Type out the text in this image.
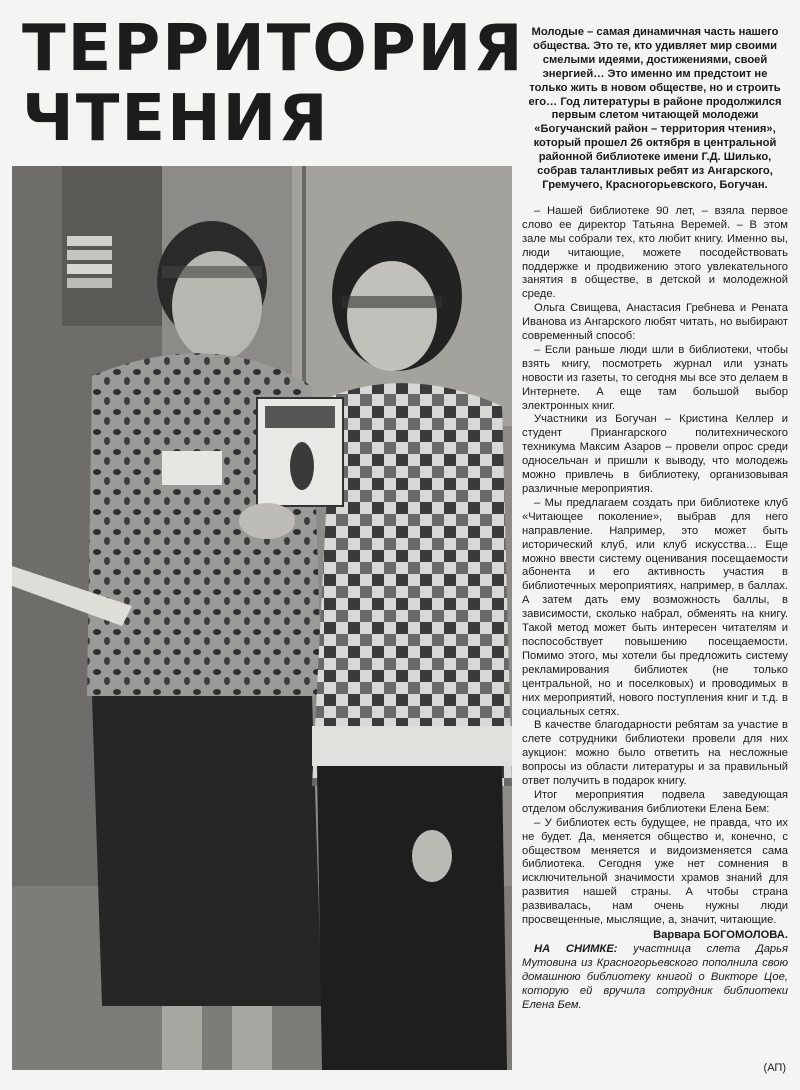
ТЕРРИТОРИЯ
ЧТЕНИЯ

Молодые – самая динамичная часть нашего общества. Это те, кто удивляет мир своими смелыми идеями, достижениями, своей энергией… Это именно им предстоит не только жить в новом обществе, но и строить его… Год литературы в районе продолжился первым слетом читающей молодежи «Богучанский район – территория чтения», который прошел 26 октября в центральной районной библиотеке имени Г.Д. Шилько, собрав талантливых ребят из Ангарского, Гремучего, Красногорьевского, Богучан.

– Нашей библиотеке 90 лет, – взяла первое слово ее директор Татьяна Веремей. – В этом зале мы собрали тех, кто любит книгу. Именно вы, люди читающие, можете посодействовать поддержке и продвижению этого увлекательного занятия в обществе, в детской и молодежной среде.

Ольга Свищева, Анастасия Гребнева и Рената Иванова из Ангарского любят читать, но выбирают современный способ:

– Если раньше люди шли в библиотеки, чтобы взять книгу, посмотреть журнал или узнать новости из газеты, то сегодня мы все это делаем в Интернете. А еще там большой выбор электронных книг.

Участники из Богучан – Кристина Келлер и студент Приангарского политехнического техникума Максим Азаров – провели опрос среди односельчан и пришли к выводу, что молодежь можно привлечь в библиотеку, организовывая различные мероприятия.

– Мы предлагаем создать при библиотеке клуб «Читающее поколение», выбрав для него направление. Например, это может быть исторический клуб, или клуб искусства… Еще можно ввести систему оценивания посещаемости абонента и его активность участия в библиотечных мероприятиях, например, в баллах. А затем дать ему возможность баллы, в зависимости, сколько набрал, обменять на книгу. Такой метод может быть интересен читателям и поспособствует повышению посещаемости. Помимо этого, мы хотели бы предложить систему рекламирования библиотек (не только центральной, но и поселковых) и проводимых в них мероприятий, нового поступления книг и т.д. в социальных сетях.

В качестве благодарности ребятам за участие в слете сотрудники библиотеки провели для них аукцион: можно было ответить на несложные вопросы из области литературы и за правильный ответ получить в подарок книгу.

Итог мероприятия подвела заведующая отделом обслуживания библиотеки Елена Бем:

– У библиотек есть будущее, не правда, что их не будет. Да, меняется общество и, конечно, с обществом меняется и видоизменяется сама библиотека. Сегодня уже нет сомнения в исключительной значимости храмов знаний для развития нашей страны. А чтобы страна развивалась, нам очень нужны люди просвещенные, мыслящие, а, значит, читающие.

Варвара БОГОМОЛОВА.

НА СНИМКЕ: участница слета Дарья Мутовина из Красногорьевского пополнила свою домашнюю библиотеку книгой о Викторе Цое, которую ей вручила сотрудник библиотеки Елена Бем.

(АП)
